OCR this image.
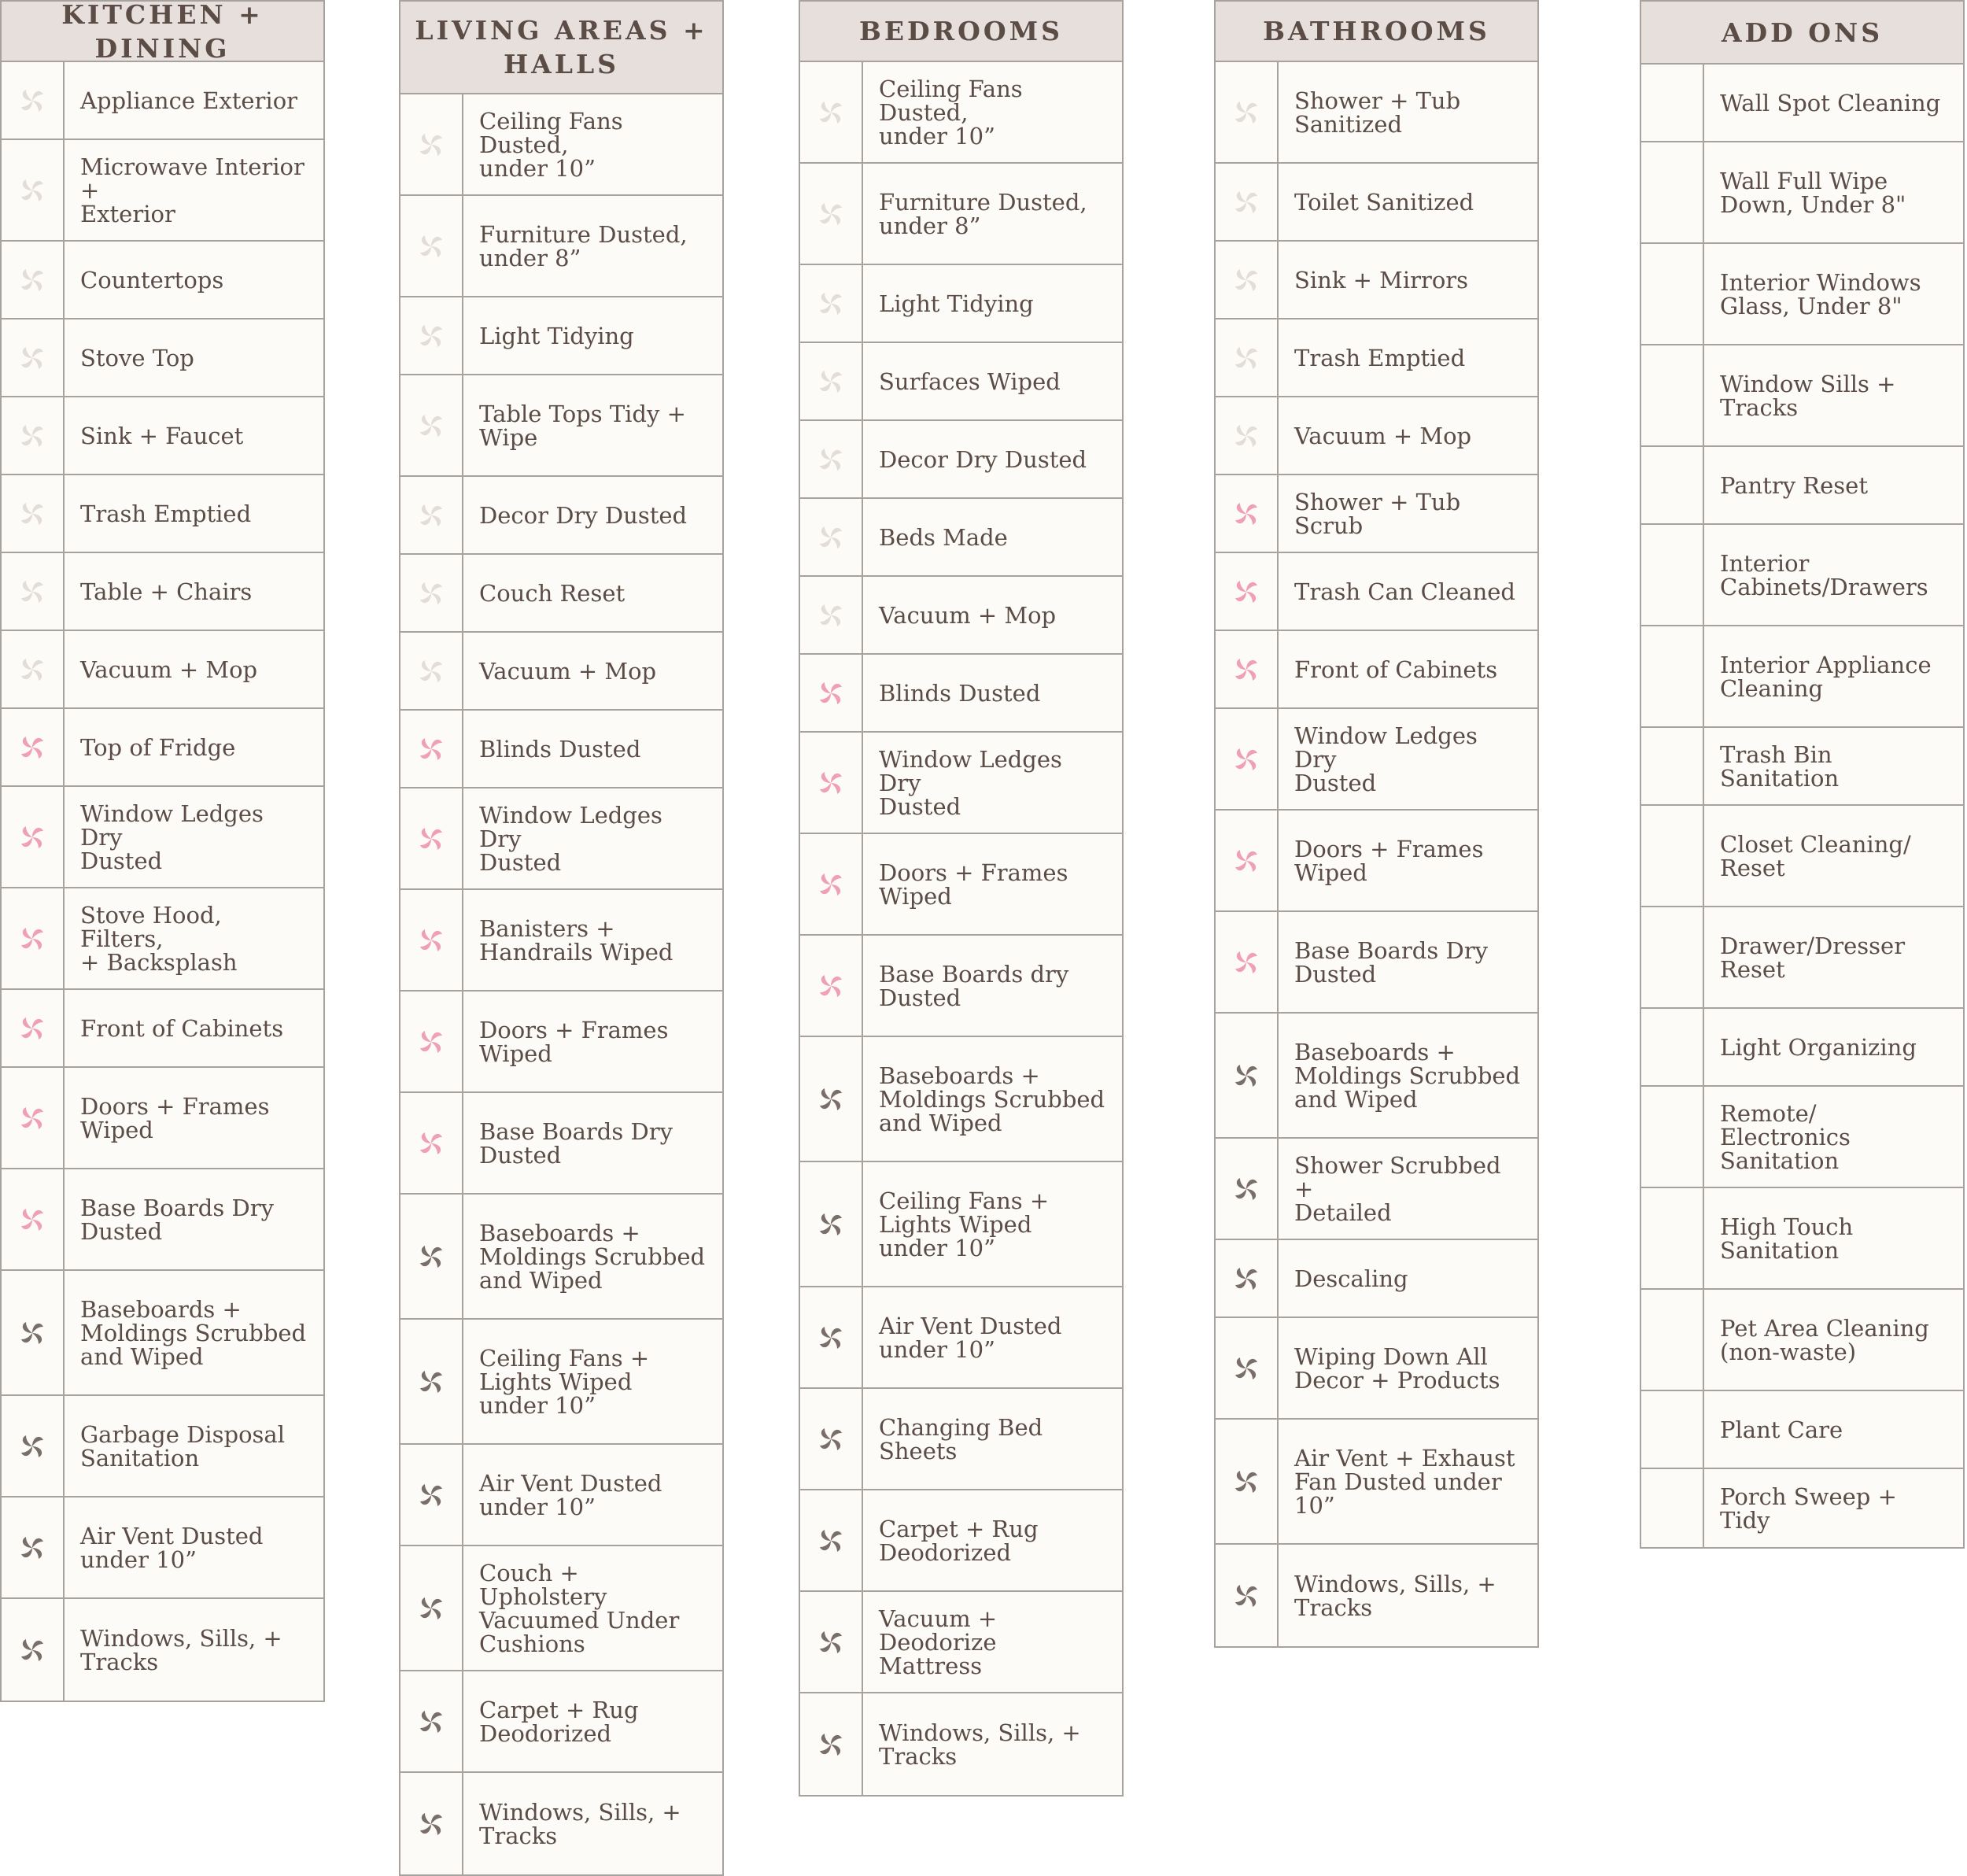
KITCHEN + DINING
Appliance Exterior
Microwave Interior +
Exterior
Countertops
Stove Top
Sink + Faucet
Trash Emptied
Table + Chairs
Vacuum + Mop
Top of Fridge
Window Ledges Dry
Dusted
Stove Hood, Filters,
+ Backsplash
Front of Cabinets
Doors + Frames
Wiped
Base Boards Dry
Dusted
Baseboards +
Moldings Scrubbed
and Wiped
Garbage Disposal
Sanitation
Air Vent Dusted
under 10”
Windows, Sills, +
Tracks
LIVING AREAS +
HALLS
Ceiling Fans Dusted,
under 10”
Furniture Dusted,
under 8”
Light Tidying
Table Tops Tidy +
Wipe
Decor Dry Dusted
Couch Reset
Vacuum + Mop
Blinds Dusted
Window Ledges Dry
Dusted
Banisters +
Handrails Wiped
Doors + Frames
Wiped
Base Boards Dry
Dusted
Baseboards +
Moldings Scrubbed
and Wiped
Ceiling Fans +
Lights Wiped
under 10”
Air Vent Dusted
under 10”
Couch + Upholstery
Vacuumed Under
Cushions
Carpet + Rug
Deodorized
Windows, Sills, +
Tracks
BEDROOMS
Ceiling Fans Dusted,
under 10”
Furniture Dusted,
under 8”
Light Tidying
Surfaces Wiped
Decor Dry Dusted
Beds Made
Vacuum + Mop
Blinds Dusted
Window Ledges Dry
Dusted
Doors + Frames
Wiped
Base Boards dry
Dusted
Baseboards +
Moldings Scrubbed
and Wiped
Ceiling Fans +
Lights Wiped
under 10”
Air Vent Dusted
under 10”
Changing Bed
Sheets
Carpet + Rug
Deodorized
Vacuum + Deodorize
Mattress
Windows, Sills, +
Tracks
BATHROOMS
Shower + Tub
Sanitized
Toilet Sanitized
Sink + Mirrors
Trash Emptied
Vacuum + Mop
Shower + Tub Scrub
Trash Can Cleaned
Front of Cabinets
Window Ledges Dry
Dusted
Doors + Frames
Wiped
Base Boards Dry
Dusted
Baseboards +
Moldings Scrubbed
and Wiped
Shower Scrubbed +
Detailed
Descaling
Wiping Down All
Decor + Products
Air Vent + Exhaust
Fan Dusted under
10”
Windows, Sills, +
Tracks
ADD ONS
Wall Spot Cleaning
Wall Full Wipe
Down, Under 8"
Interior Windows
Glass, Under 8"
Window Sills +
Tracks
Pantry Reset
Interior
Cabinets/Drawers
Interior Appliance
Cleaning
Trash Bin Sanitation
Closet Cleaning/
Reset
Drawer/Dresser
Reset
Light Organizing
Remote/ Electronics
Sanitation
High Touch
Sanitation
Pet Area Cleaning
(non-waste)
Plant Care
Porch Sweep + Tidy
